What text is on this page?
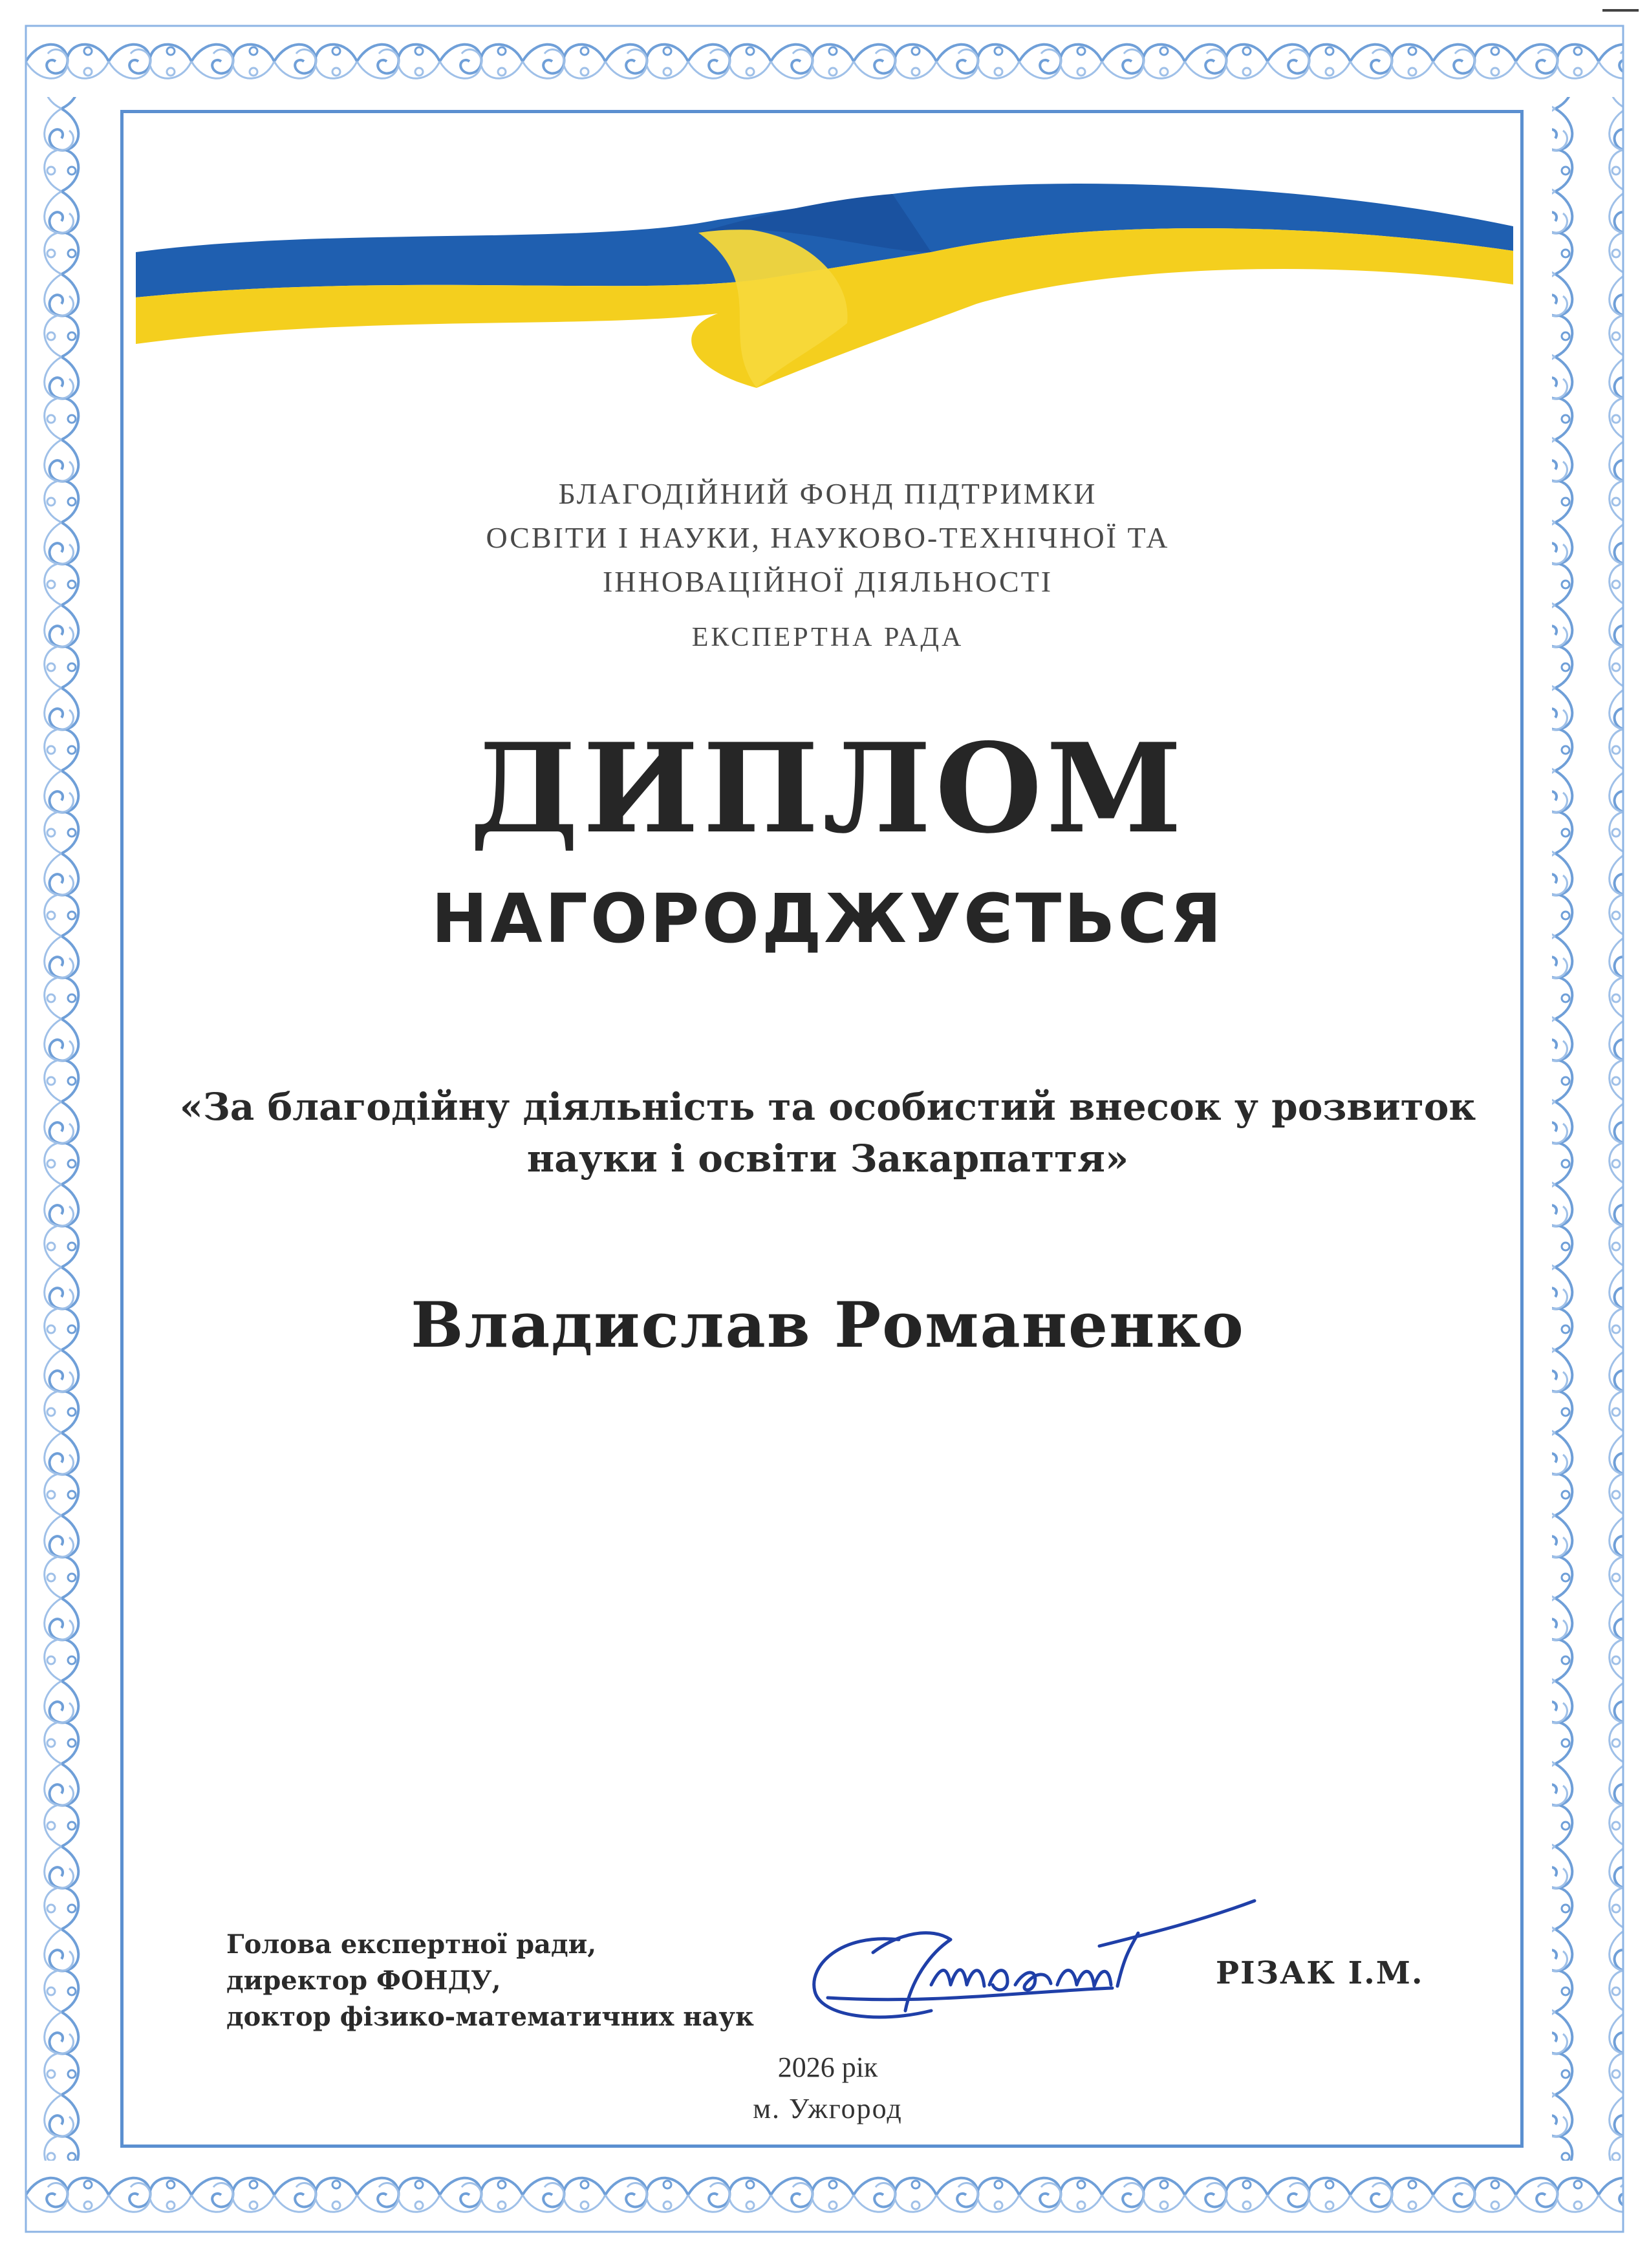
БЛАГОДІЙНИЙ ФОНД ПІДТРИМКИ
ОСВІТИ І НАУКИ, НАУКОВО-ТЕХНІЧНОЇ ТА
ІННОВАЦІЙНОЇ ДІЯЛЬНОСТІ
ЕКСПЕРТНА РАДА
ДИПЛОМ
НАГОРОДЖУЄТЬСЯ
«За благодійну діяльність та особистий внесок у розвиток
науки і освіти Закарпаття»
Владислав Романенко
Голова експертної ради,
директор ФОНДУ,
доктор фізико-математичних наук
РІЗАК І.М.
2026 рік
м. Ужгород
